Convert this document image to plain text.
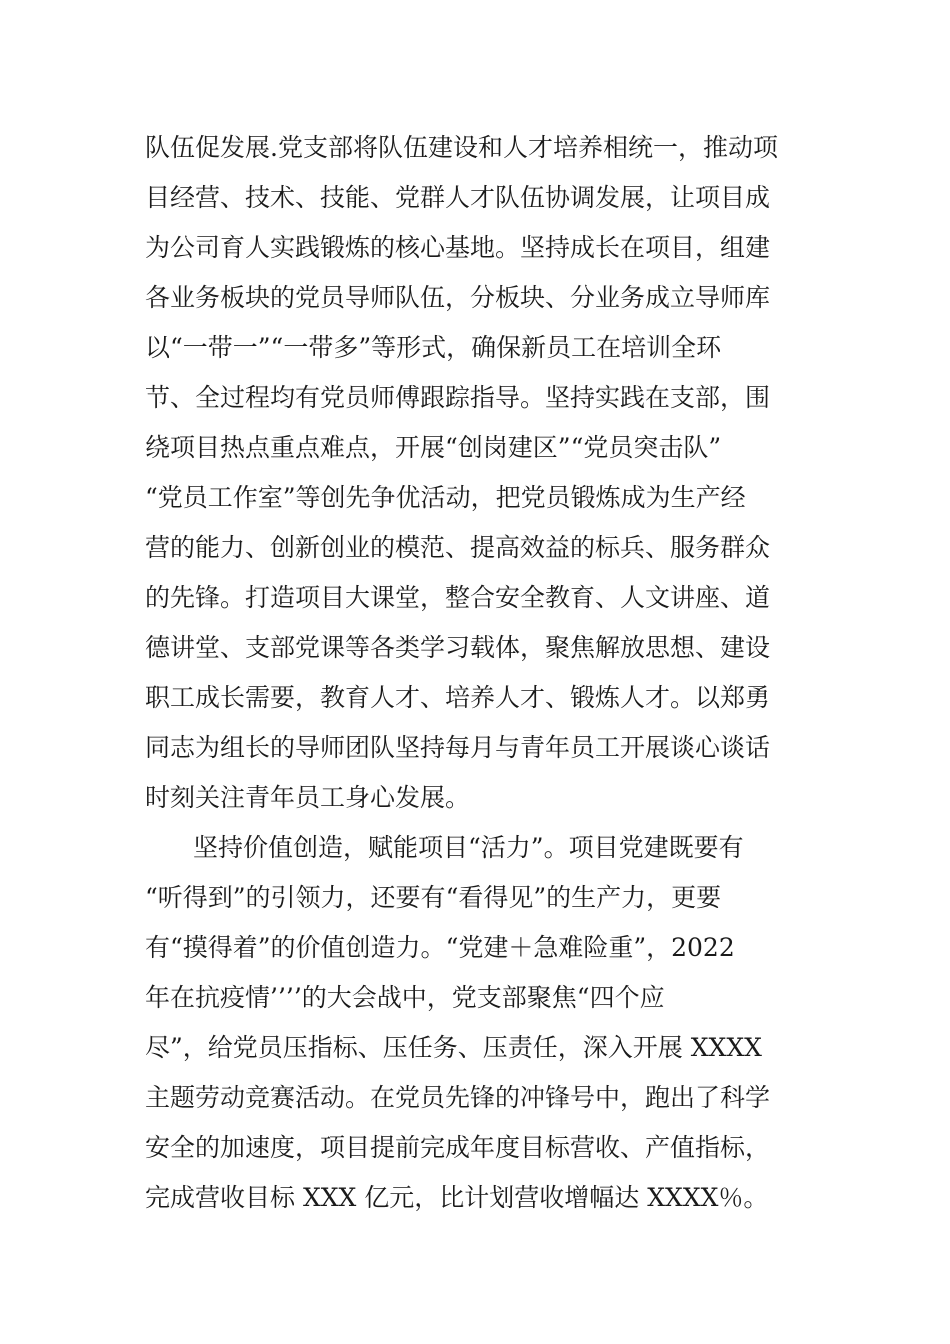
队伍促发展.党支部将队伍建设和人才培养相统一，推动项
目经营、技术、技能、党群人才队伍协调发展，让项目成
为公司育人实践锻炼的核心基地。坚持成长在项目，组建
各业务板块的党员导师队伍，分板块、分业务成立导师库
以“一带一”“一带多”等形式，确保新员工在培训全环
节、全过程均有党员师傅跟踪指导。坚持实践在支部，围
绕项目热点重点难点，开展“创岗建区”“党员突击队”
“党员工作室”等创先争优活动，把党员锻炼成为生产经
营的能力、创新创业的模范、提高效益的标兵、服务群众
的先锋。打造项目大课堂，整合安全教育、人文讲座、道
德讲堂、支部党课等各类学习载体，聚焦解放思想、建设
职工成长需要，教育人才、培养人才、锻炼人才。以郑勇
同志为组长的导师团队坚持每月与青年员工开展谈心谈话
时刻关注青年员工身心发展。
坚持价值创造，赋能项目“活力”。项目党建既要有
“听得到”的引领力，还要有“看得见”的生产力，更要
有“摸得着”的价值创造力。“党建＋急难险重”，2022
年在抗疫情’’’’的大会战中，党支部聚焦“四个应
尽”，给党员压指标、压任务、压责任，深入开展 XXXX
主题劳动竞赛活动。在党员先锋的冲锋号中，跑出了科学
安全的加速度，项目提前完成年度目标营收、产值指标，
完成营收目标 XXX 亿元，比计划营收增幅达 XXXX％。
